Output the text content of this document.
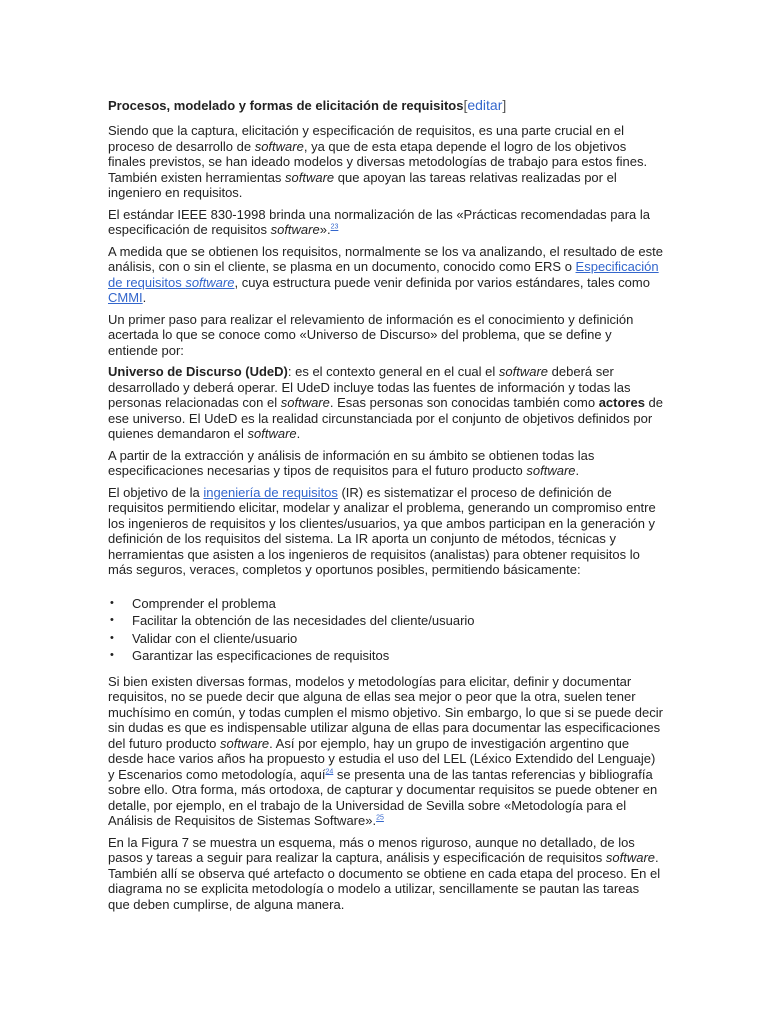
Procesos, modelado y formas de elicitación de requisitos[editar]

Siendo que la captura, elicitación y especificación de requisitos, es una parte crucial en el proceso de desarrollo de software, ya que de esta etapa depende el logro de los objetivos finales previstos, se han ideado modelos y diversas metodologías de trabajo para estos fines. También existen herramientas software que apoyan las tareas relativas realizadas por el ingeniero en requisitos.

El estándar IEEE 830-1998 brinda una normalización de las «Prácticas recomendadas para la especificación de requisitos software».$^{23}$

A medida que se obtienen los requisitos, normalmente se los va analizando, el resultado de este análisis, con o sin el cliente, se plasma en un documento, conocido como ERS o Especificación de requisitos software, cuya estructura puede venir definida por varios estándares, tales como CMMI.

Un primer paso para realizar el relevamiento de información es el conocimiento y definición acertada lo que se conoce como «Universo de Discurso» del problema, que se define y entiende por:

Universo de Discurso (UdeD): es el contexto general en el cual el software deberá ser desarrollado y deberá operar. El UdeD incluye todas las fuentes de información y todas las personas relacionadas con el software. Esas personas son conocidas también como actores de ese universo. El UdeD es la realidad circunstanciada por el conjunto de objetivos definidos por quienes demandaron el software.

A partir de la extracción y análisis de información en su ámbito se obtienen todas las especificaciones necesarias y tipos de requisitos para el futuro producto software.

El objetivo de la ingeniería de requisitos (IR) es sistematizar el proceso de definición de requisitos permitiendo elicitar, modelar y analizar el problema, generando un compromiso entre los ingenieros de requisitos y los clientes/usuarios, ya que ambos participan en la generación y definición de los requisitos del sistema. La IR aporta un conjunto de métodos, técnicas y herramientas que asisten a los ingenieros de requisitos (analistas) para obtener requisitos lo más seguros, veraces, completos y oportunos posibles, permitiendo básicamente:

• Comprender el problema
• Facilitar la obtención de las necesidades del cliente/usuario
• Validar con el cliente/usuario
• Garantizar las especificaciones de requisitos

Si bien existen diversas formas, modelos y metodologías para elicitar, definir y documentar requisitos, no se puede decir que alguna de ellas sea mejor o peor que la otra, suelen tener muchísimo en común, y todas cumplen el mismo objetivo. Sin embargo, lo que si se puede decir sin dudas es que es indispensable utilizar alguna de ellas para documentar las especificaciones del futuro producto software. Así por ejemplo, hay un grupo de investigación argentino que desde hace varios años ha propuesto y estudia el uso del LEL (Léxico Extendido del Lenguaje) y Escenarios como metodología, aquí$^{24}$ se presenta una de las tantas referencias y bibliografía sobre ello. Otra forma, más ortodoxa, de capturar y documentar requisitos se puede obtener en detalle, por ejemplo, en el trabajo de la Universidad de Sevilla sobre «Metodología para el Análisis de Requisitos de Sistemas Software».$^{25}$

En la Figura 7 se muestra un esquema, más o menos riguroso, aunque no detallado, de los pasos y tareas a seguir para realizar la captura, análisis y especificación de requisitos software. También allí se observa qué artefacto o documento se obtiene en cada etapa del proceso. En el diagrama no se explicita metodología o modelo a utilizar, sencillamente se pautan las tareas que deben cumplirse, de alguna manera.
